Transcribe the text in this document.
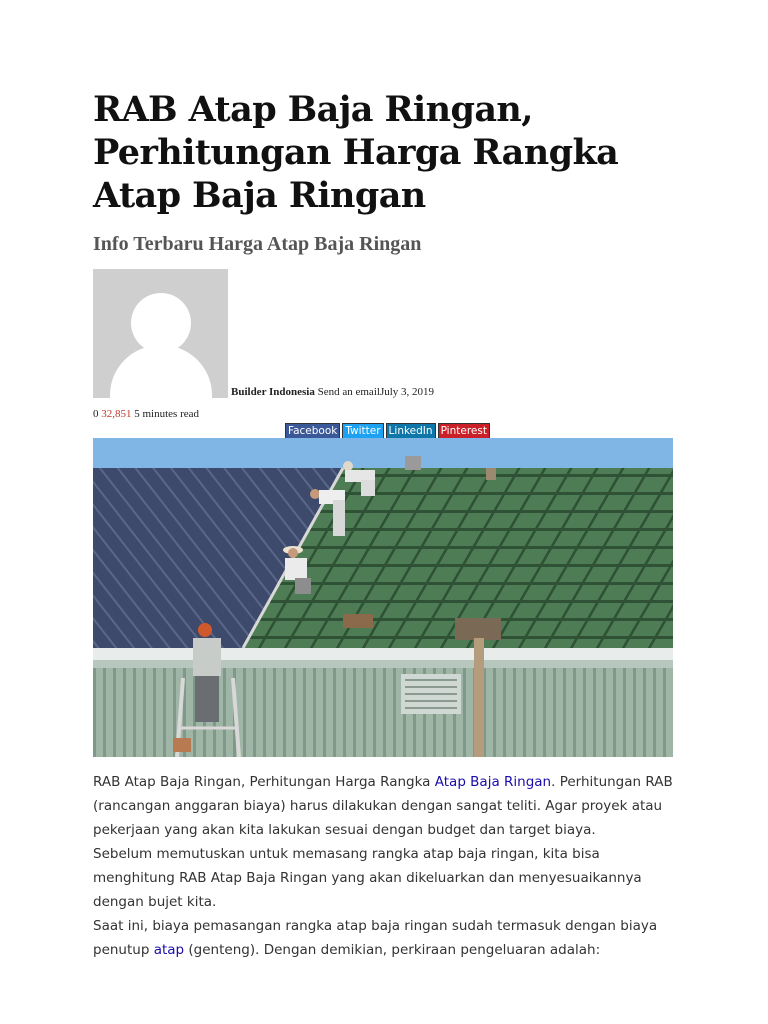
RAB Atap Baja Ringan, Perhitungan Harga Rangka Atap Baja Ringan
Info Terbaru Harga Atap Baja Ringan
Builder Indonesia Send an emailJuly 3, 2019
0 32,851 5 minutes read
Facebook Twitter LinkedIn Pinterest

RAB Atap Baja Ringan, Perhitungan Harga Rangka Atap Baja Ringan. Perhitungan RAB (rancangan anggaran biaya) harus dilakukan dengan sangat teliti. Agar proyek atau pekerjaan yang akan kita lakukan sesuai dengan budget dan target biaya.

Sebelum memutuskan untuk memasang rangka atap baja ringan, kita bisa menghitung RAB Atap Baja Ringan yang akan dikeluarkan dan menyesuaikannya dengan bujet kita.

Saat ini, biaya pemasangan rangka atap baja ringan sudah termasuk dengan biaya penutup atap (genteng). Dengan demikian, perkiraan pengeluaran adalah:
